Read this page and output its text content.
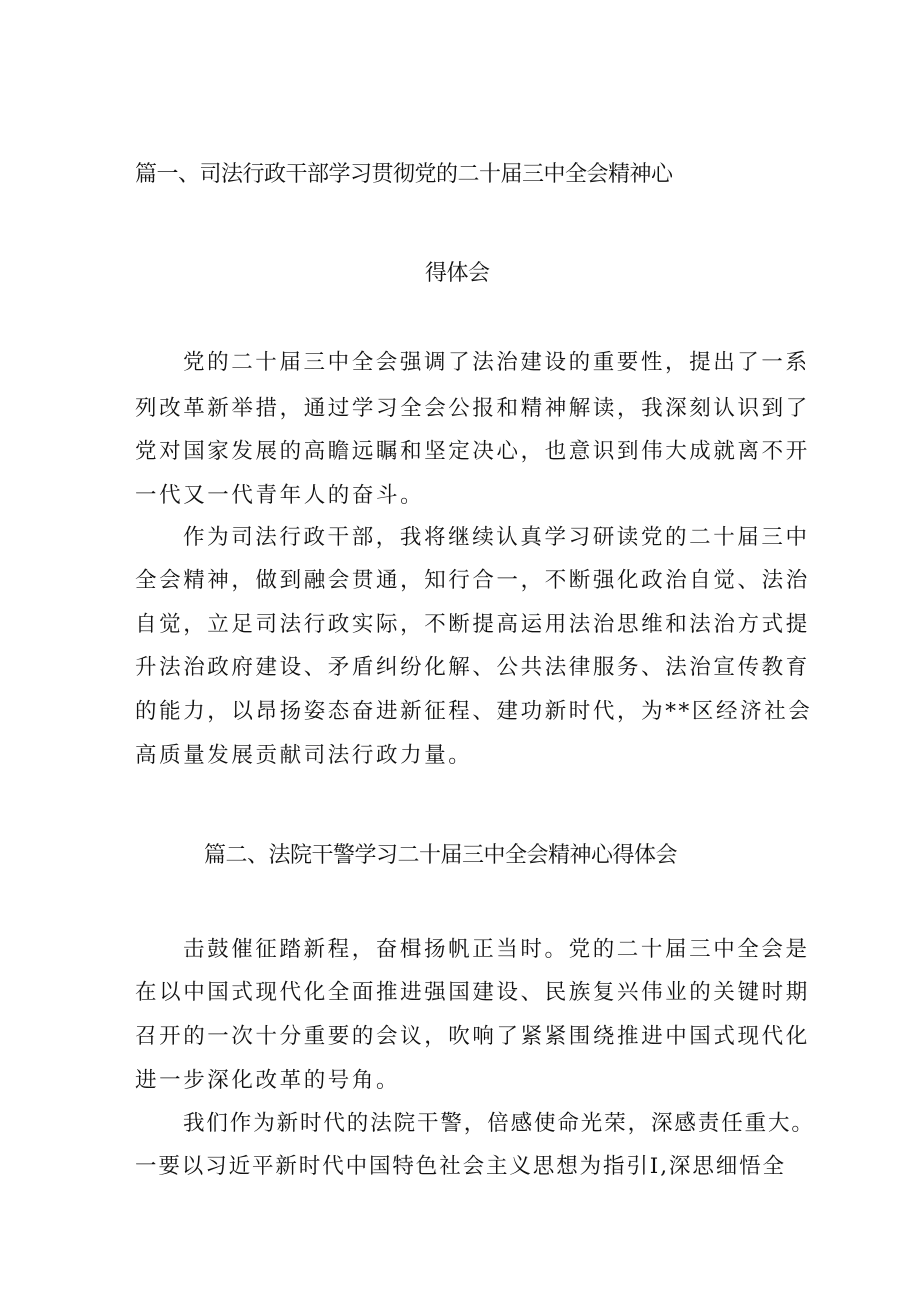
篇一、司法行政干部学习贯彻党的二十届三中全会精神心
得体会

党的二十届三中全会强调了法治建设的重要性，提出了一系

列改革新举措，通过学习全会公报和精神解读，我深刻认识到了

党对国家发展的高瞻远瞩和坚定决心，也意识到伟大成就离不开

一代又一代青年人的奋斗。

作为司法行政干部，我将继续认真学习研读党的二十届三中

全会精神，做到融会贯通，知行合一，不断强化政治自觉、法治

自觉，立足司法行政实际，不断提高运用法治思维和法治方式提

升法治政府建设、矛盾纠纷化解、公共法律服务、法治宣传教育

的能力，以昂扬姿态奋进新征程、建功新时代，为**区经济社会

高质量发展贡献司法行政力量。

篇二、法院干警学习二十届三中全会精神心得体会

击鼓催征踏新程，奋楫扬帆正当时。党的二十届三中全会是

在以中国式现代化全面推进强国建设、民族复兴伟业的关键时期

召开的一次十分重要的会议，吹响了紧紧围绕推进中国式现代化

进一步深化改革的号角。

我们作为新时代的法院干警，倍感使命光荣，深感责任重大。

一要以习近平新时代中国特色社会主义思想为指引I,深思细悟全
